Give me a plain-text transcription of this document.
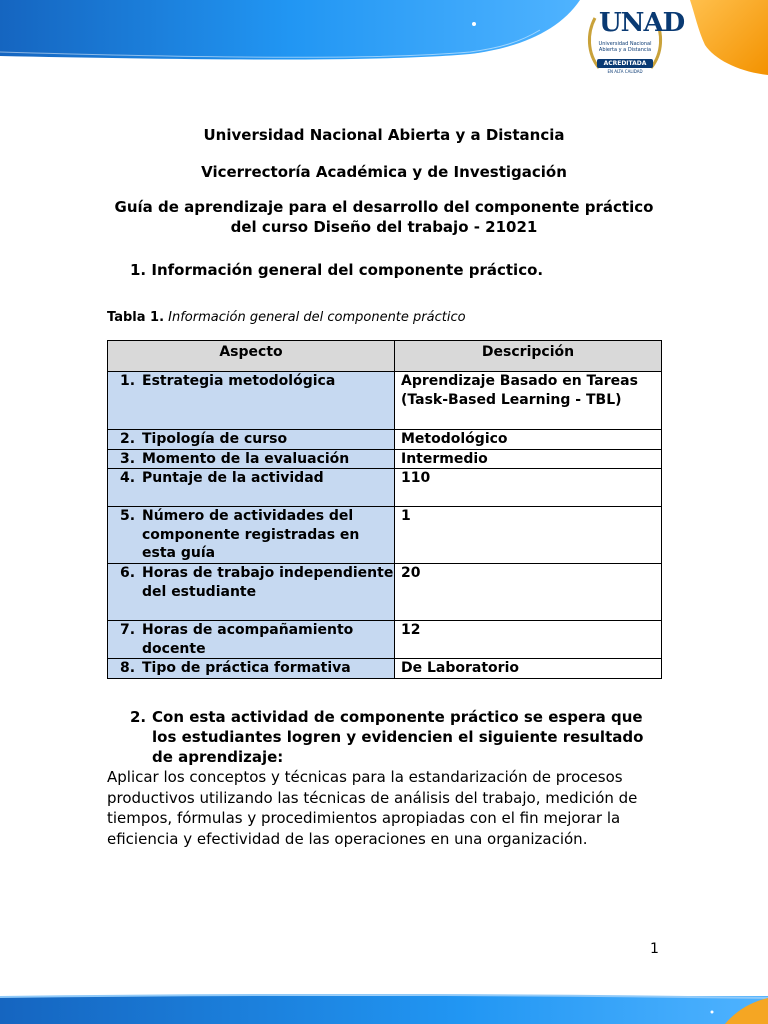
UNAD
Universidad Nacional
Abierta y a Distancia
ACREDITADA
EN ALTA CALIDAD
Universidad Nacional Abierta y a Distancia
Vicerrectoría Académica y de Investigación
Guía de aprendizaje para el desarrollo del componente práctico
del curso Diseño del trabajo - 21021
1. Información general del componente práctico.
Tabla 1. Información general del componente práctico
Aspecto	Descripción

1. Estrategia metodológica	Aprendizaje Basado en Tareas (Task-Based Learning - TBL)

2. Tipología de curso	Metodológico

3. Momento de la evaluación	Intermedio

4. Puntaje de la actividad	110

5. Número de actividades del componente registradas en esta guía	1

6. Horas de trabajo independiente del estudiante	20

7. Horas de acompañamiento docente	12

8. Tipo de práctica formativa	De Laboratorio
2. Con esta actividad de componente práctico se espera que los estudiantes logren y evidencien el siguiente resultado de aprendizaje:
Aplicar los conceptos y técnicas para la estandarización de procesos productivos utilizando las técnicas de análisis del trabajo, medición de tiempos, fórmulas y procedimientos apropiadas con el fin mejorar la eficiencia y efectividad de las operaciones en una organización.
1
